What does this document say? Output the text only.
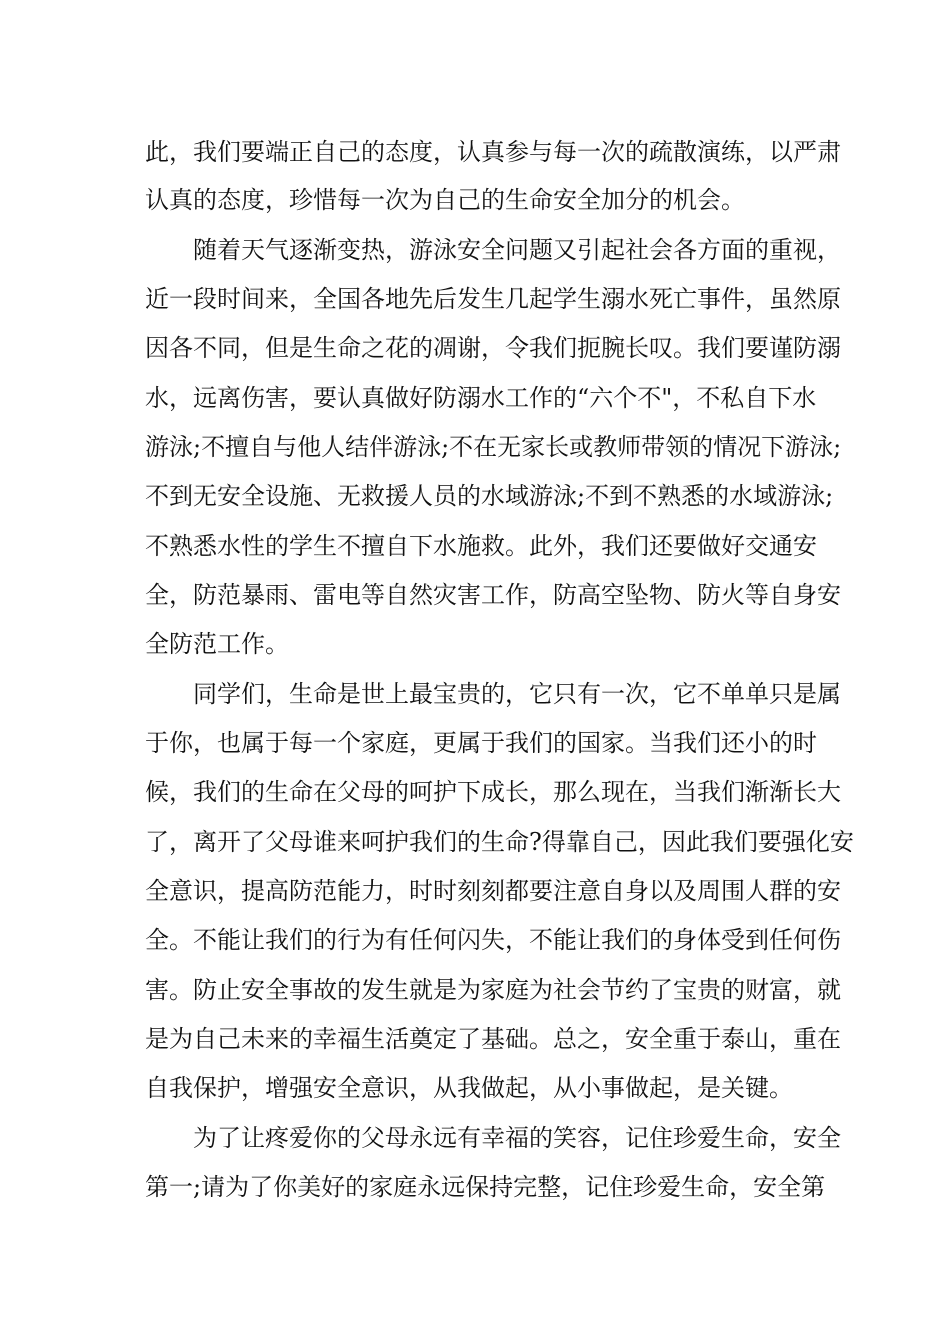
此，我们要端正自己的态度，认真参与每一次的疏散演练，以严肃
认真的态度，珍惜每一次为自己的生命安全加分的机会。
随着天气逐渐变热，游泳安全问题又引起社会各方面的重视，
近一段时间来，全国各地先后发生几起学生溺水死亡事件，虽然原
因各不同，但是生命之花的凋谢，令我们扼腕长叹。我们要谨防溺
水，远离伤害，要认真做好防溺水工作的“六个不"，不私自下水
游泳;不擅自与他人结伴游泳;不在无家长或教师带领的情况下游泳;
不到无安全设施、无救援人员的水域游泳;不到不熟悉的水域游泳;
不熟悉水性的学生不擅自下水施救。此外，我们还要做好交通安
全，防范暴雨、雷电等自然灾害工作，防高空坠物、防火等自身安
全防范工作。
同学们，生命是世上最宝贵的，它只有一次，它不单单只是属
于你，也属于每一个家庭，更属于我们的国家。当我们还小的时
候，我们的生命在父母的呵护下成长，那么现在，当我们渐渐长大
了，离开了父母谁来呵护我们的生命?得靠自己，因此我们要强化安
全意识，提高防范能力，时时刻刻都要注意自身以及周围人群的安
全。不能让我们的行为有任何闪失，不能让我们的身体受到任何伤
害。防止安全事故的发生就是为家庭为社会节约了宝贵的财富，就
是为自己未来的幸福生活奠定了基础。总之，安全重于泰山，重在
自我保护，增强安全意识，从我做起，从小事做起，是关键。
为了让疼爱你的父母永远有幸福的笑容，记住珍爱生命，安全
第一;请为了你美好的家庭永远保持完整，记住珍爱生命，安全第
